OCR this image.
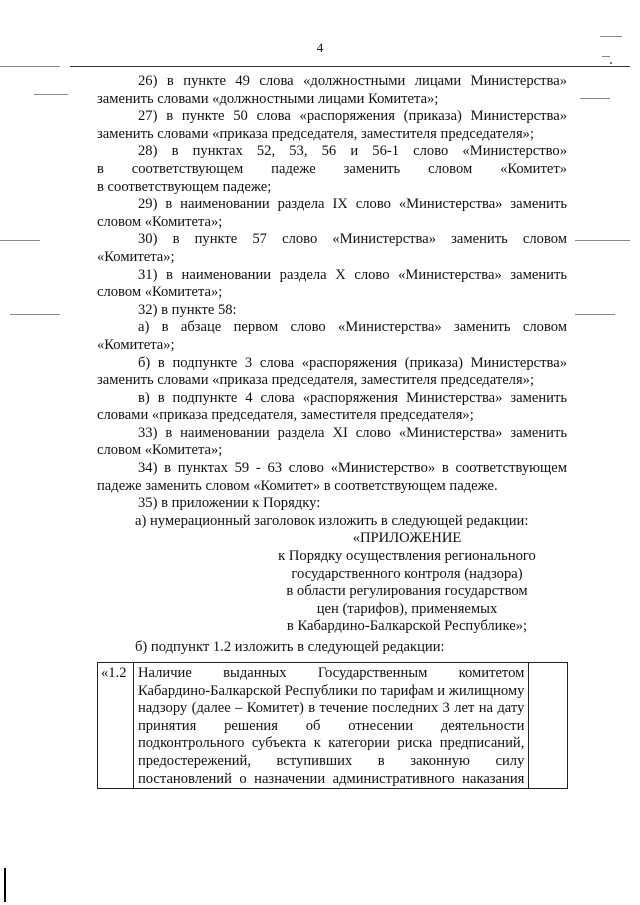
4

26) в пункте 49 слова «должностными лицами Министерства»

заменить словами «должностными лицами Комитета»;

27) в пункте 50 слова «распоряжения (приказа) Министерства»

заменить словами «приказа председателя, заместителя председателя»;

28) в пунктах 52, 53, 56 и 56-1 слово «Министерство»

в соответствующем падеже заменить словом «Комитет»

в соответствующем падеже;

29) в наименовании раздела IX слово «Министерства» заменить

словом «Комитета»;

30) в пункте 57 слово «Министерства» заменить словом

«Комитета»;

31) в наименовании раздела X слово «Министерства» заменить

словом «Комитета»;

32) в пункте 58:

а) в абзаце первом слово «Министерства» заменить словом

«Комитета»;

б) в подпункте 3 слова «распоряжения (приказа) Министерства»

заменить словами «приказа председателя, заместителя председателя»;

в) в подпункте 4 слова «распоряжения Министерства» заменить

словами «приказа председателя, заместителя председателя»;

33) в наименовании раздела XI слово «Министерства» заменить

словом «Комитета»;

34) в пунктах 59 - 63 слово «Министерство» в соответствующем

падеже заменить словом «Комитет» в соответствующем падеже.

35) в приложении к Порядку:

а) нумерационный заголовок изложить в следующей редакции:

«ПРИЛОЖЕНИЕ
к Порядку осуществления регионального
государственного контроля (надзора)
в области регулирования государством
цен (тарифов), применяемых
в Кабардино-Балкарской Республике»;

б) подпункт 1.2 изложить в следующей редакции:

«1.2	Наличие выданных Государственным комитетом
Кабардино-Балкарской Республики по тарифам и жилищному
надзору (далее – Комитет) в течение последних 3 лет на дату
принятия решения об отнесении деятельности
подконтрольного субъекта к категории риска предписаний,
предостережений, вступивших в законную силу
постановлений о назначении административного наказания
